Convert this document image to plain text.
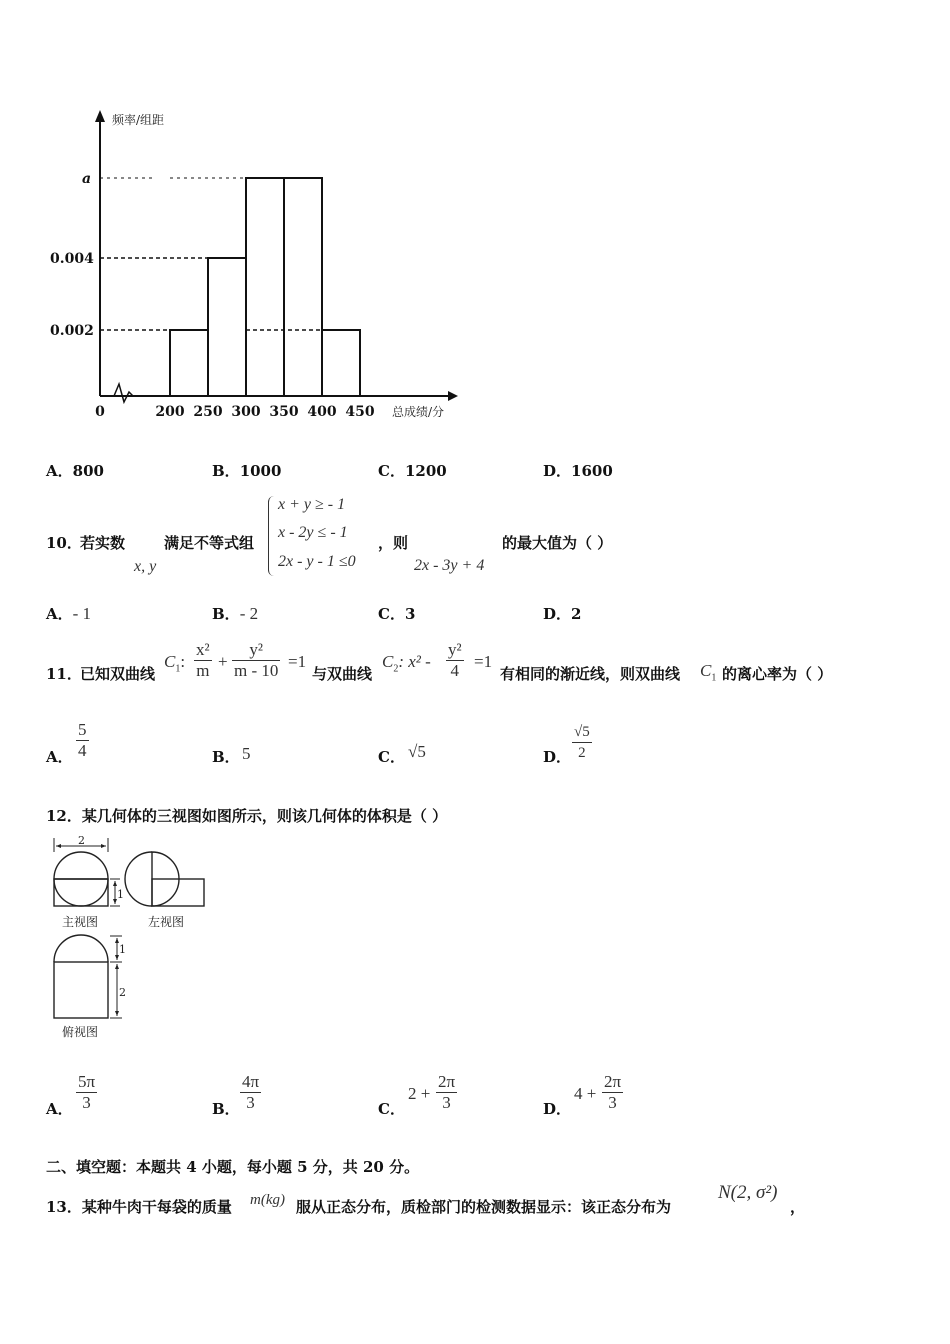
频率/组距
总成绩/分
a
0.004
0.002
0	200 250 300 350 400 450
A．800	B．1000	C．1200	D．1600
10．
若实数
x, y
满足不等式组
x + y ≥ - 1
x - 2y ≤ - 1
2x - y - 1 ≤0
，则
2x - 3y + 4
的最大值为（ ）
A．- 1	B．- 2	C．3	D．2
11．
已知双曲线
$C_1$:
x²
m +
y²
m - 10 =1
与双曲线
$C_2$: x² -
y²
4 =1
有相同的渐近线，则双曲线 $C_1$ 的离心率为（ ）
A．
5
4	B． 5	C． √5	D．
√5
2
12．某几何体的三视图如图所示，则该几何体的体积是（ ）
2
1
主视图	左视图
1
2
俯视图
A．
5π
3	B．
4π
3	C．
2 +
2π
3	D．
4 +
2π
3
二、填空题：本题共 4 小题，每小题 5 分，共 20 分。
13．某种牛肉干每袋的质量 m(kg) 服从正态分布，质检部门的检测数据显示：该正态分布为
N(2, σ²)
，
